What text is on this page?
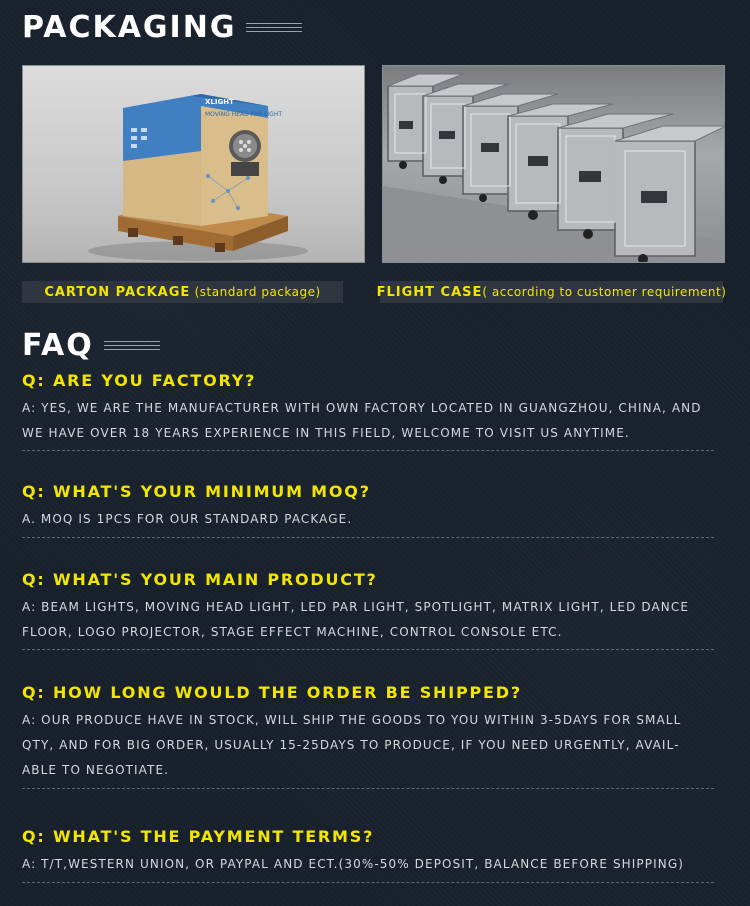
PACKAGING
MOVING HEAD PAR LIGHT
XLIGHT
CARTON PACKAGE (standard package)	FLIGHT CASE ( according to customer requirement)
FAQ
Q: ARE YOU FACTORY?
A: YES, WE ARE THE MANUFACTURER WITH OWN FACTORY LOCATED IN GUANGZHOU, CHINA, AND WE HAVE OVER 18 YEARS EXPERIENCE IN THIS FIELD, WELCOME TO VISIT US ANYTIME.
Q: WHAT'S YOUR MINIMUM MOQ?
A. MOQ IS 1PCS FOR OUR STANDARD PACKAGE.
Q: WHAT'S YOUR MAIN PRODUCT?
A: BEAM LIGHTS, MOVING HEAD LIGHT, LED PAR LIGHT, SPOTLIGHT, MATRIX LIGHT, LED DANCE FLOOR, LOGO PROJECTOR, STAGE EFFECT MACHINE, CONTROL CONSOLE ETC.
Q: HOW LONG WOULD THE ORDER BE SHIPPED?
A: OUR PRODUCE HAVE IN STOCK, WILL SHIP THE GOODS TO YOU WITHIN 3-5DAYS FOR SMALL QTY, AND FOR BIG ORDER, USUALLY 15-25DAYS TO PRODUCE, IF YOU NEED URGENTLY, AVAIL-ABLE TO NEGOTIATE.
Q: WHAT'S THE PAYMENT TERMS?
A: T/T,WESTERN UNION, OR PAYPAL AND ECT.(30%-50% DEPOSIT, BALANCE BEFORE SHIPPING)
